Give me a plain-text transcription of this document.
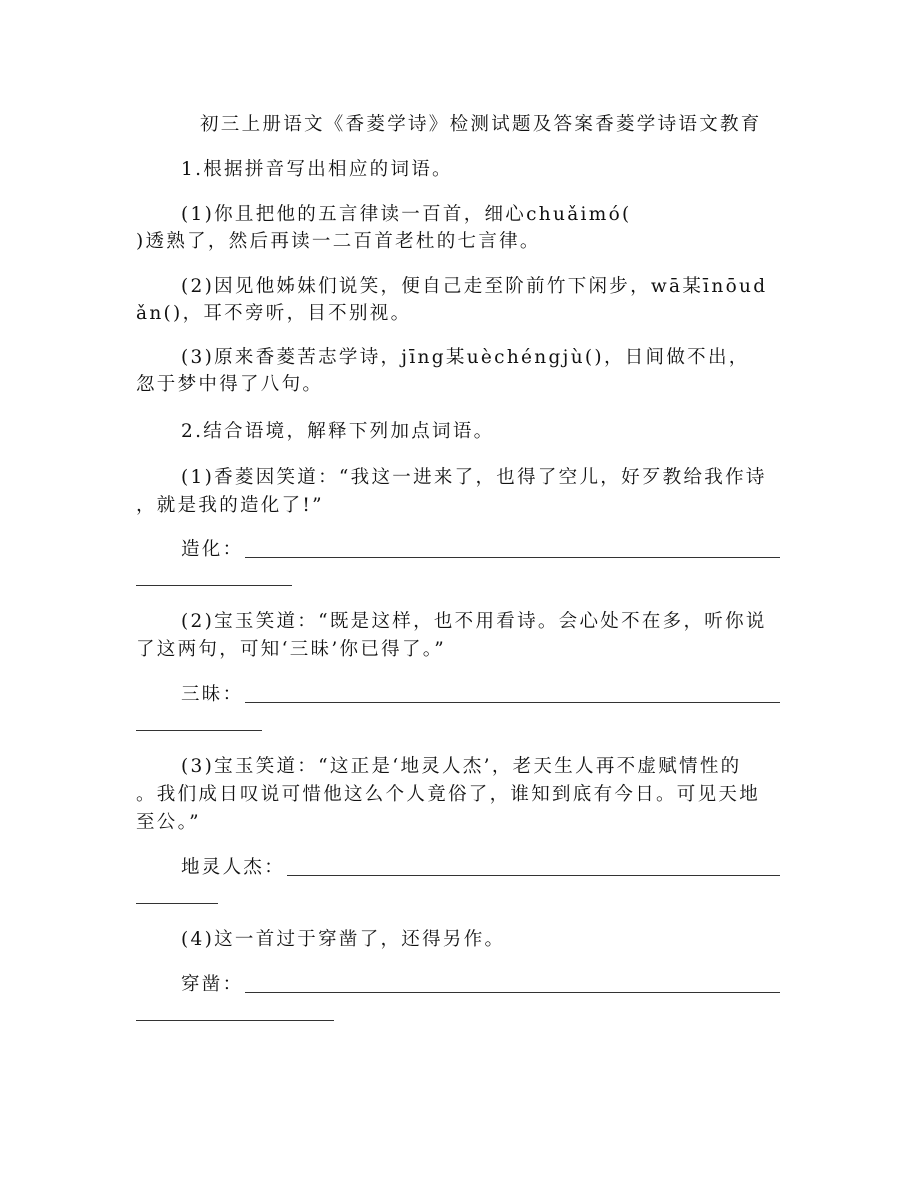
初三上册语文《香菱学诗》检测试题及答案香菱学诗语文教育
1.根据拼音写出相应的词语。
(1)你且把他的五言律读一百首，细心chuǎimó(
)透熟了，然后再读一二百首老杜的七言律。
(2)因见他姊妹们说笑，便自己走至阶前竹下闲步，wā某īnōud
ǎn()，耳不旁听，目不别视。
(3)原来香菱苦志学诗，jīng某uèchéngjù()，日间做不出，
忽于梦中得了八句。
2.结合语境，解释下列加点词语。
(1)香菱因笑道：“我这一进来了，也得了空儿，好歹教给我作诗
，就是我的造化了!”
造化：
(2)宝玉笑道：“既是这样，也不用看诗。会心处不在多，听你说
了这两句，可知‘三昧’你已得了。”
三昧：
(3)宝玉笑道：“这正是‘地灵人杰’，老天生人再不虚赋情性的
。我们成日叹说可惜他这么个人竟俗了，谁知到底有今日。可见天地
至公。”
地灵人杰：
(4)这一首过于穿凿了，还得另作。
穿凿：
